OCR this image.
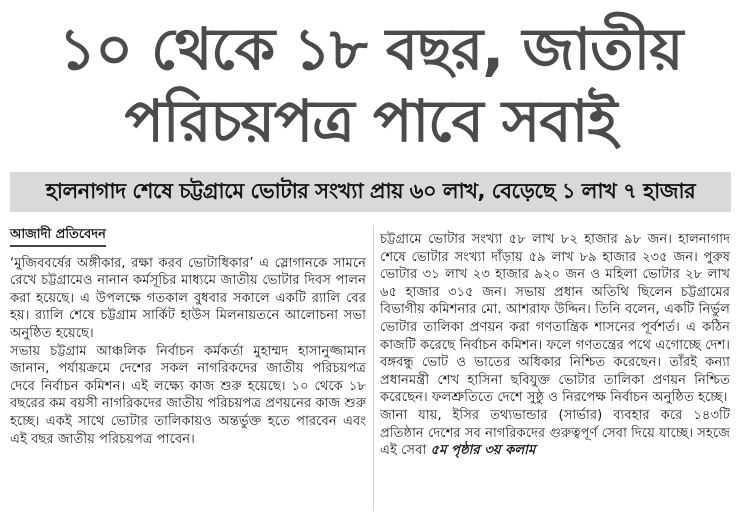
১০ থেকে ১৮ বছর, জাতীয়
পরিচয়পত্র পাবে সবাই
হালনাগাদ শেষে চট্টগ্রামে ভোটার সংখ্যা প্রায় ৬০ লাখ, বেড়েছে ১ লাখ ৭ হাজার
আজাদী প্রতিবেদন

‘মুজিববর্ষের অঙ্গীকার, রক্ষা করব ভোটাধিকার’ এ স্লোগানকে সামনে রেখে চট্টগ্রামেও নানান কর্মসূচির মাধ্যমে জাতীয় ভোটার দিবস পালন করা হয়েছে। এ উপলক্ষে গতকাল বুধবার সকালে একটি র‌্যালি বের হয়। র‌্যালি শেষে চট্টগ্রাম সার্কিট হাউস মিলনায়তনে আলোচনা সভা অনুষ্ঠিত হয়েছে।

সভায় চট্টগ্রাম আঞ্চলিক নির্বাচন কর্মকর্তা মুহাম্মদ হাসানুজ্জামান জানান, পর্যায়ক্রমে দেশের সকল নাগরিকদের জাতীয় পরিচয়পত্র দেবে নির্বাচন কমিশন। এই লক্ষ্যে কাজ শুরু হয়েছে। ১০ থেকে ১৮ বছরের কম বয়সী নাগরিকদের জাতীয় পরিচয়পত্র প্রণয়নের কাজ শুরু হচ্ছে। একই সাথে ভোটার তালিকায়ও অন্তর্ভুক্ত হতে পারবেন এবং এই বছর জাতীয় পরিচয়পত্র পাবেন।

চট্টগ্রামে ভোটার সংখ্যা ৫৮ লাখ ৮২ হাজার ৯৮ জন। হালনাগাদ শেষে ভোটার সংখ্যা দাঁড়ায় ৫৯ লাখ ৮৯ হাজার ২৩৫ জন। পুরুষ ভোটার ৩১ লাখ ২৩ হাজার ৯২০ জন ও মহিলা ভোটার ২৮ লাখ ৬৫ হাজার ৩১৫ জন। সভায় প্রধান অতিথি ছিলেন চট্টগ্রামের বিভাগীয় কমিশনার মো. আশরাফ উদ্দিন। তিনি বলেন, একটি নির্ভুল ভোটার তালিকা প্রণয়ন করা গণতান্ত্রিক শাসনের পূর্বশর্ত। এ কঠিন কাজটি করেছে নির্বাচন কমিশন। ফলে গণতন্ত্রের পথে এগোচ্ছে দেশ। বঙ্গবন্ধু ভোট ও ভাতের অধিকার নিশ্চিত করেছেন। তাঁরই কন্যা প্রধানমন্ত্রী শেখ হাসিনা ছবিযুক্ত ভোটার তালিকা প্রণয়ন নিশ্চিত করেছেন। ফলশ্রুতিতে দেশে সুষ্ঠু ও নিরপেক্ষ নির্বাচন অনুষ্ঠিত হচ্ছে।

জানা যায়, ইসির তথ্যভান্ডার (সার্ভার) ব্যবহার করে ১৪৩টি প্রতিষ্ঠান দেশের সব নাগরিকদের গুরুত্বপূর্ণ সেবা দিয়ে যাচ্ছে। সহজে এই সেবা ৫ম পৃষ্ঠার ৩য় কলাম
